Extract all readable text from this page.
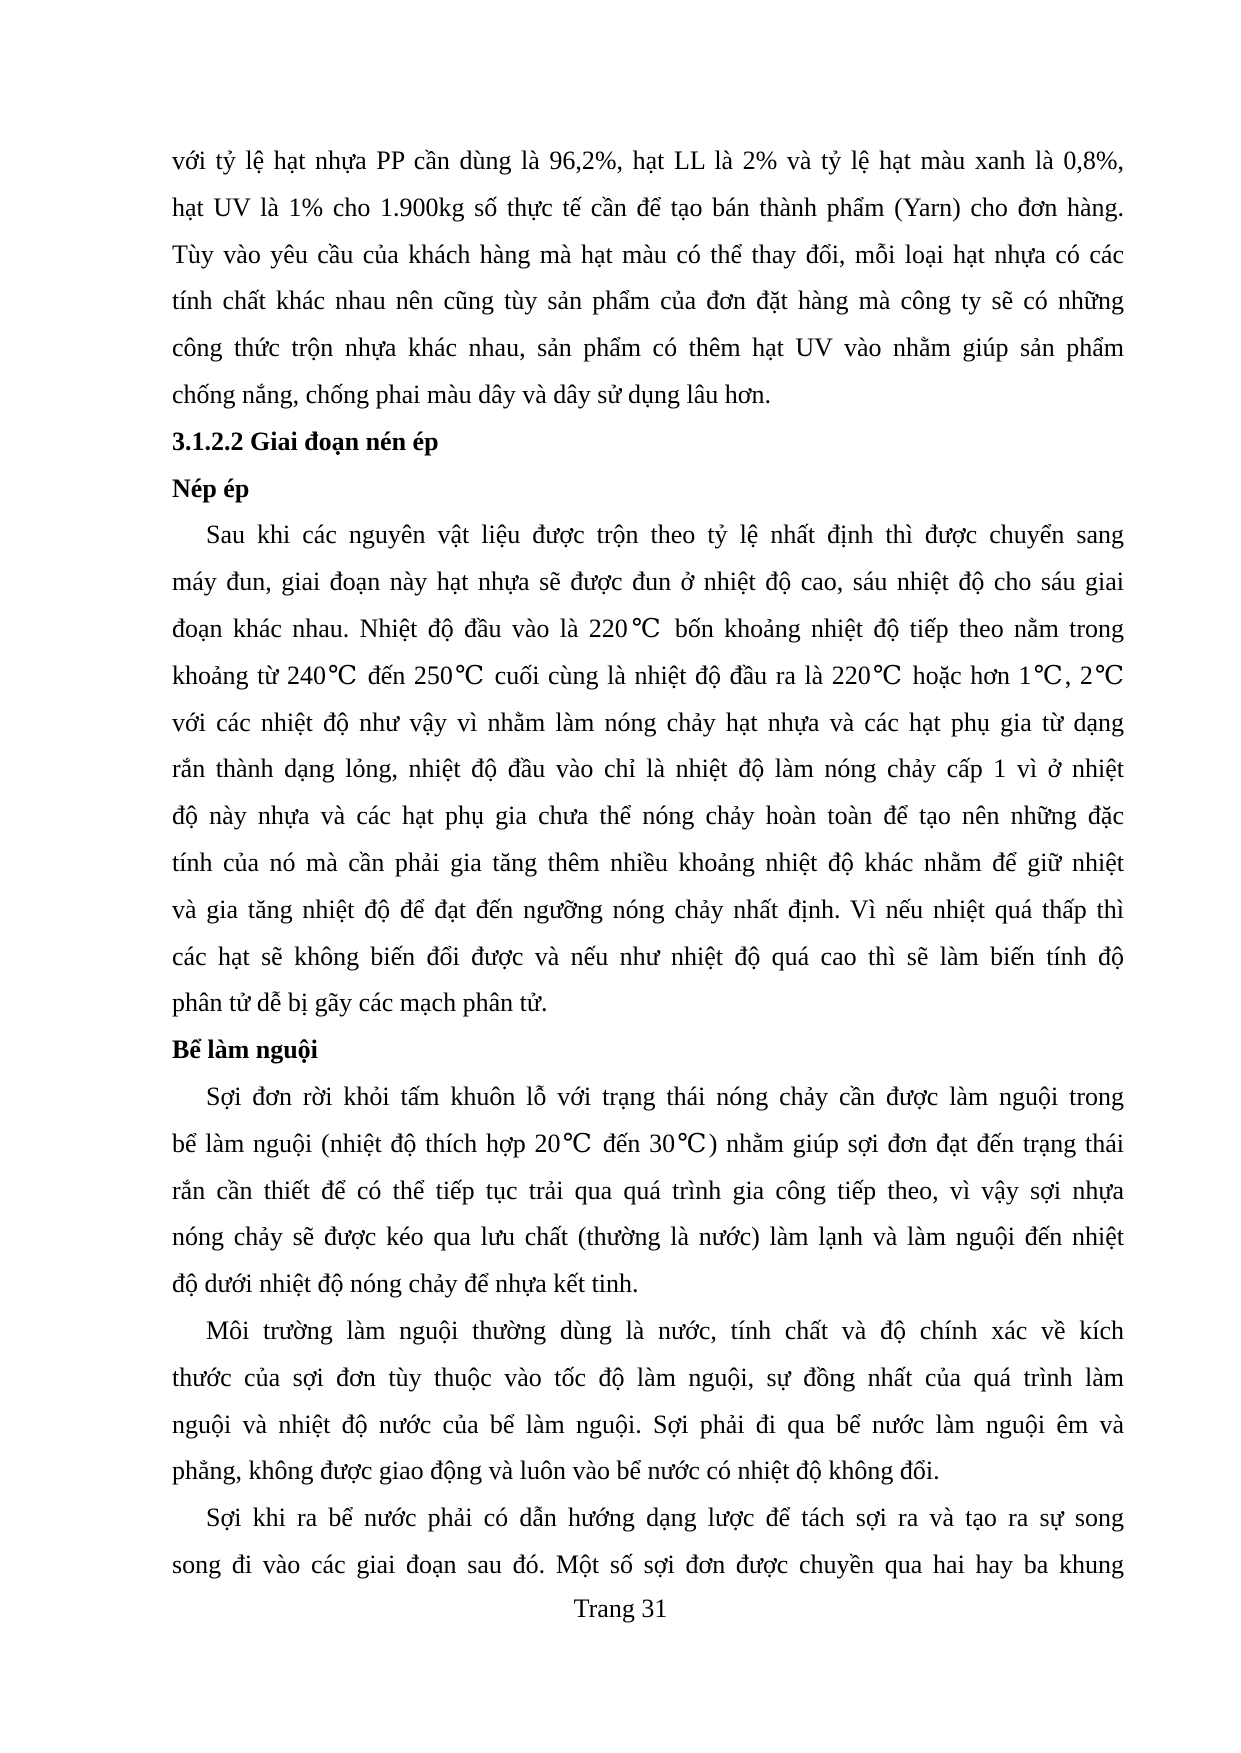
với tỷ lệ hạt nhựa PP cần dùng là 96,2%, hạt LL là 2% và tỷ lệ hạt màu xanh là 0,8%,
hạt UV là 1% cho 1.900kg số thực tế cần để tạo bán thành phẩm (Yarn) cho đơn hàng.
Tùy vào yêu cầu của khách hàng mà hạt màu có thể thay đổi, mỗi loại hạt nhựa có các
tính chất khác nhau nên cũng tùy sản phẩm của đơn đặt hàng mà công ty sẽ có những
công thức trộn nhựa khác nhau, sản phẩm có thêm hạt UV vào nhằm giúp sản phẩm
chống nắng, chống phai màu dây và dây sử dụng lâu hơn.
3.1.2.2 Giai đoạn nén ép
Nép ép
Sau khi các nguyên vật liệu được trộn theo tỷ lệ nhất định thì được chuyển sang
máy đun, giai đoạn này hạt nhựa sẽ được đun ở nhiệt độ cao, sáu nhiệt độ cho sáu giai
đoạn khác nhau. Nhiệt độ đầu vào là 220℃ bốn khoảng nhiệt độ tiếp theo nằm trong
khoảng từ 240℃ đến 250℃ cuối cùng là nhiệt độ đầu ra là 220℃ hoặc hơn 1℃, 2℃
với các nhiệt độ như vậy vì nhằm làm nóng chảy hạt nhựa và các hạt phụ gia từ dạng
rắn thành dạng lỏng, nhiệt độ đầu vào chỉ là nhiệt độ làm nóng chảy cấp 1 vì ở nhiệt
độ này nhựa và các hạt phụ gia chưa thể nóng chảy hoàn toàn để tạo nên những đặc
tính của nó mà cần phải gia tăng thêm nhiều khoảng nhiệt độ khác nhằm để giữ nhiệt
và gia tăng nhiệt độ để đạt đến ngưỡng nóng chảy nhất định. Vì nếu nhiệt quá thấp thì
các hạt sẽ không biến đổi được và nếu như nhiệt độ quá cao thì sẽ làm biến tính độ
phân tử dễ bị gãy các mạch phân tử.
Bể làm nguội
Sợi đơn rời khỏi tấm khuôn lỗ với trạng thái nóng chảy cần được làm nguội trong
bể làm nguội (nhiệt độ thích hợp 20℃ đến 30℃) nhằm giúp sợi đơn đạt đến trạng thái
rắn cần thiết để có thể tiếp tục trải qua quá trình gia công tiếp theo, vì vậy sợi nhựa
nóng chảy sẽ được kéo qua lưu chất (thường là nước) làm lạnh và làm nguội đến nhiệt
độ dưới nhiệt độ nóng chảy để nhựa kết tinh.
Môi trường làm nguội thường dùng là nước, tính chất và độ chính xác về kích
thước của sợi đơn tùy thuộc vào tốc độ làm nguội, sự đồng nhất của quá trình làm
nguội và nhiệt độ nước của bể làm nguội. Sợi phải đi qua bể nước làm nguội êm và
phẳng, không được giao động và luôn vào bể nước có nhiệt độ không đổi.
Sợi khi ra bể nước phải có dẫn hướng dạng lược để tách sợi ra và tạo ra sự song
song đi vào các giai đoạn sau đó. Một số sợi đơn được chuyền qua hai hay ba khung
Trang 31
